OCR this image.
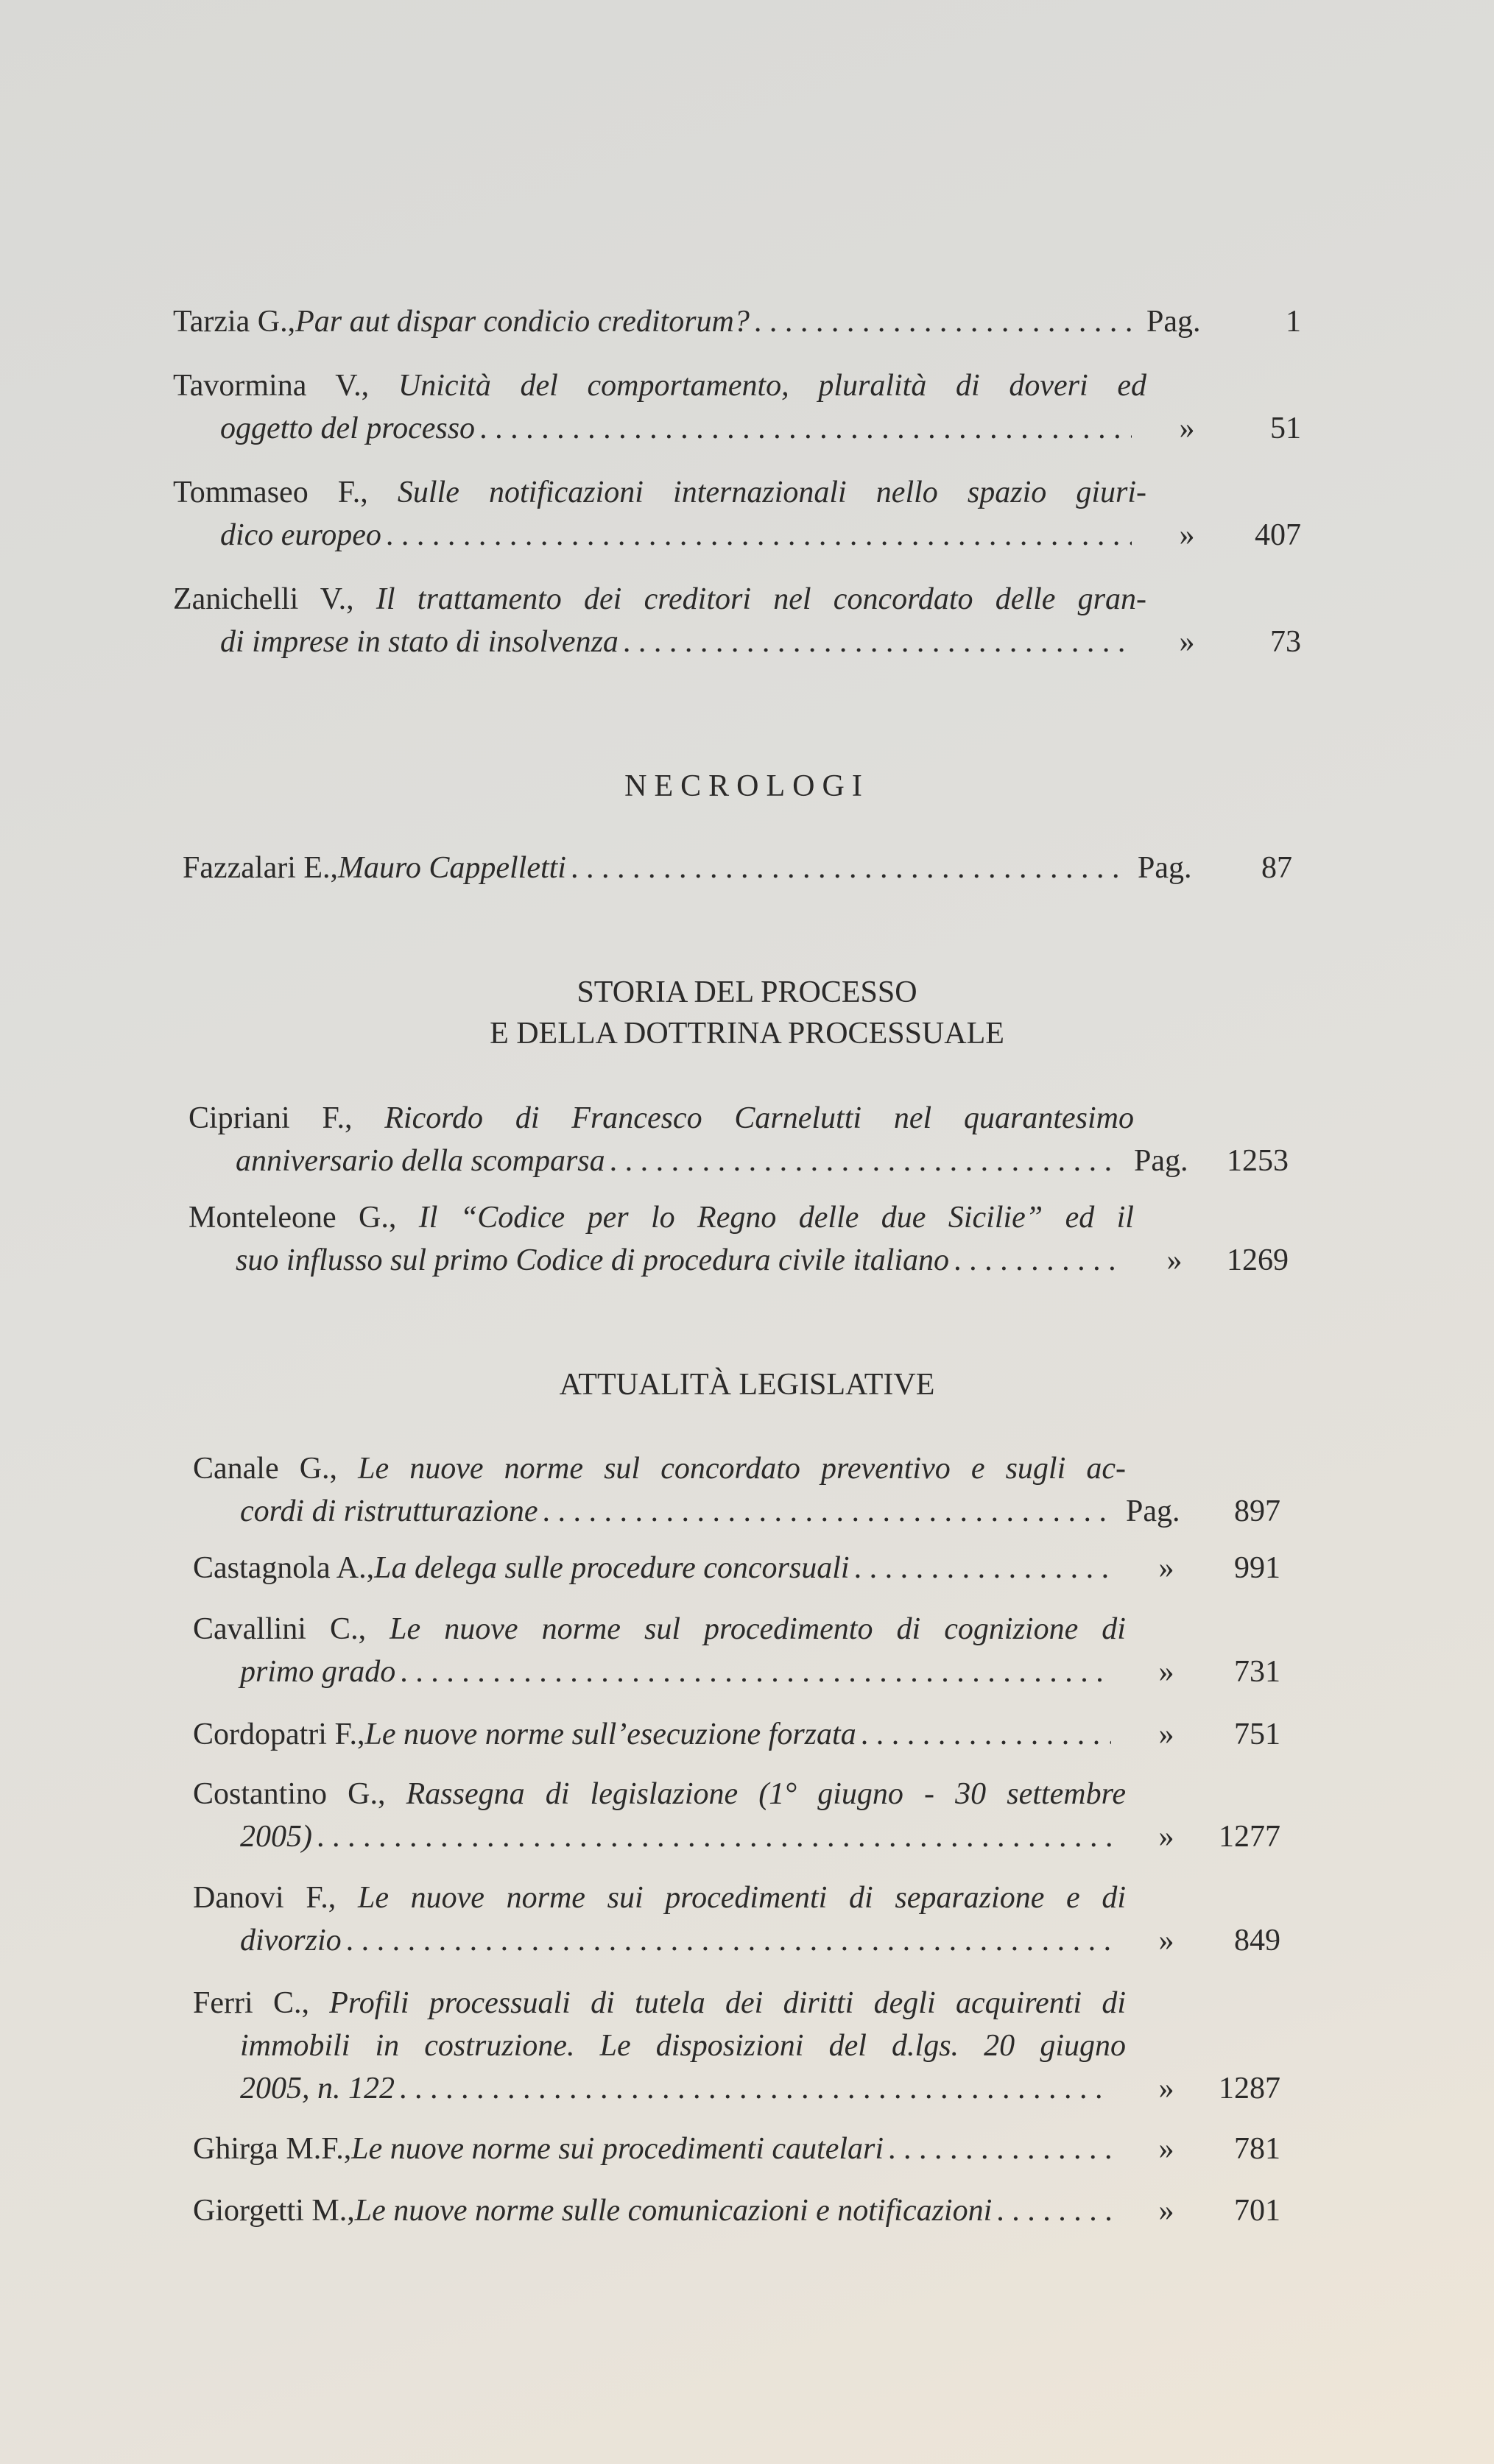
Tarzia G., Par aut dispar condicio creditorum? . . .	Pag.	1
Tavormina V., Unicità del comportamento, pluralità di doveri ed
oggetto del processo . . .	»	51
Tommaseo F., Sulle notificazioni internazionali nello spazio giuri-
dico europeo . . .	»	407
Zanichelli V., Il trattamento dei creditori nel concordato delle gran-
di imprese in stato di insolvenza . . .	»	73
NECROLOGI
Fazzalari E., Mauro Cappelletti . . .	Pag.	87
STORIA DEL PROCESSO
E DELLA DOTTRINA PROCESSUALE
Cipriani F., Ricordo di Francesco Carnelutti nel quarantesimo
anniversario della scomparsa . . .	Pag.	1253
Monteleone G., Il “Codice per lo Regno delle due Sicilie” ed il
suo influsso sul primo Codice di procedura civile italiano . . .	»	1269
ATTUALITÀ LEGISLATIVE
Canale G., Le nuove norme sul concordato preventivo e sugli ac-
cordi di ristrutturazione . . .	Pag.	897
Castagnola A., La delega sulle procedure concorsuali . . .	»	991
Cavallini C., Le nuove norme sul procedimento di cognizione di
primo grado . . .	»	731
Cordopatri F., Le nuove norme sull’esecuzione forzata . . .	»	751
Costantino G., Rassegna di legislazione (1° giugno - 30 settembre
2005) . . .	»	1277
Danovi F., Le nuove norme sui procedimenti di separazione e di
divorzio . . .	»	849
Ferri C., Profili processuali di tutela dei diritti degli acquirenti di
immobili in costruzione. Le disposizioni del d.lgs. 20 giugno
2005, n. 122 . . .	»	1287
Ghirga M.F., Le nuove norme sui procedimenti cautelari . . .	»	781
Giorgetti M., Le nuove norme sulle comunicazioni e notificazioni . . .	»	701
